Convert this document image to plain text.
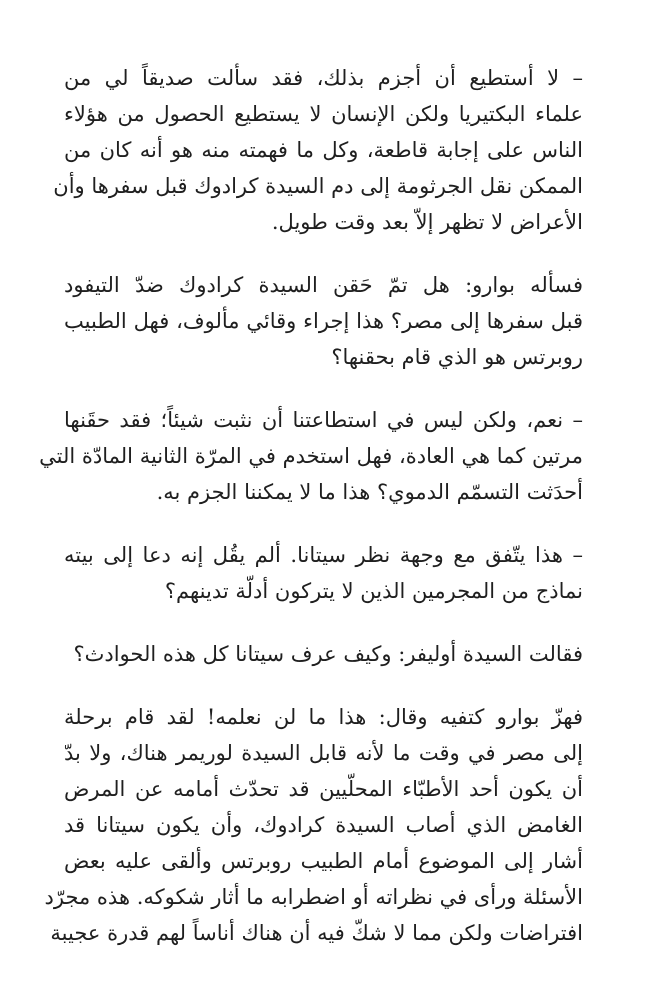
– لا أستطيع أن أجزم بذلك، فقد سألت صديقاً لي من
علماء البكتيريا ولكن الإنسان لا يستطيع الحصول من هؤلاء
الناس على إجابة قاطعة، وكل ما فهمته منه هو أنه كان من
الممكن نقل الجرثومة إلى دم السيدة كرادوك قبل سفرها وأن
الأعراض لا تظهر إلاّ بعد وقت طويل.

فسأله بوارو: هل تمّ حَقن السيدة كرادوك ضدّ التيفود
قبل سفرها إلى مصر؟ هذا إجراء وقائي مألوف، فهل الطبيب
روبرتس هو الذي قام بحقنها؟

– نعم، ولكن ليس في استطاعتنا أن نثبت شيئاً؛ فقد حقَنها
مرتين كما هي العادة، فهل استخدم في المرّة الثانية المادّة التي
أحدَثت التسمّم الدموي؟ هذا ما لا يمكننا الجزم به.

– هذا يتّفق مع وجهة نظر سيتانا. ألم يقُل إنه دعا إلى بيته
نماذج من المجرمين الذين لا يتركون أدلّة تدينهم؟

فقالت السيدة أوليفر: وكيف عرف سيتانا كل هذه الحوادث؟

فهزّ بوارو كتفيه وقال: هذا ما لن نعلمه! لقد قام برحلة
إلى مصر في وقت ما لأنه قابل السيدة لوريمر هناك، ولا بدّ
أن يكون أحد الأطبّاء المحلّيين قد تحدّث أمامه عن المرض
الغامض الذي أصاب السيدة كرادوك، وأن يكون سيتانا قد
أشار إلى الموضوع أمام الطبيب روبرتس وألقى عليه بعض
الأسئلة ورأى في نظراته أو اضطرابه ما أثار شكوكه. هذه مجرّد
افتراضات ولكن مما لا شكّ فيه أن هناك أناساً لهم قدرة عجيبة
